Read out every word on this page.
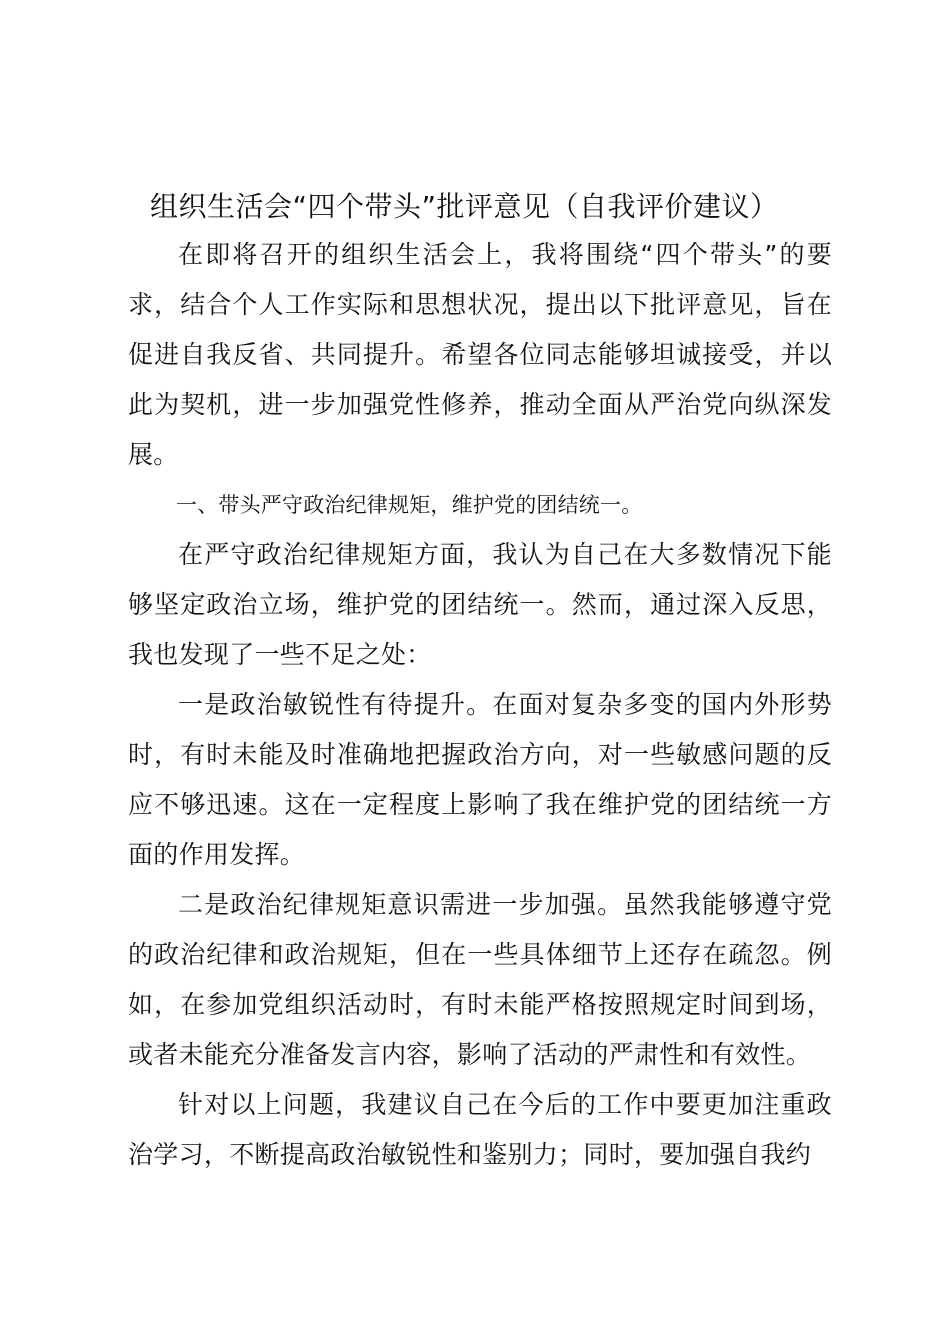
组织生活会“四个带头”批评意见（自我评价建议）

在即将召开的组织生活会上，我将围绕“四个带头”的要求，结合个人工作实际和思想状况，提出以下批评意见，旨在促进自我反省、共同提升。希望各位同志能够坦诚接受，并以此为契机，进一步加强党性修养，推动全面从严治党向纵深发展。

一、带头严守政治纪律规矩，维护党的团结统一。

在严守政治纪律规矩方面，我认为自己在大多数情况下能够坚定政治立场，维护党的团结统一。然而，通过深入反思，我也发现了一些不足之处：

一是政治敏锐性有待提升。在面对复杂多变的国内外形势时，有时未能及时准确地把握政治方向，对一些敏感问题的反应不够迅速。这在一定程度上影响了我在维护党的团结统一方面的作用发挥。

二是政治纪律规矩意识需进一步加强。虽然我能够遵守党的政治纪律和政治规矩，但在一些具体细节上还存在疏忽。例如，在参加党组织活动时，有时未能严格按照规定时间到场，或者未能充分准备发言内容，影响了活动的严肃性和有效性。

针对以上问题，我建议自己在今后的工作中要更加注重政治学习，不断提高政治敏锐性和鉴别力；同时，要加强自我约
